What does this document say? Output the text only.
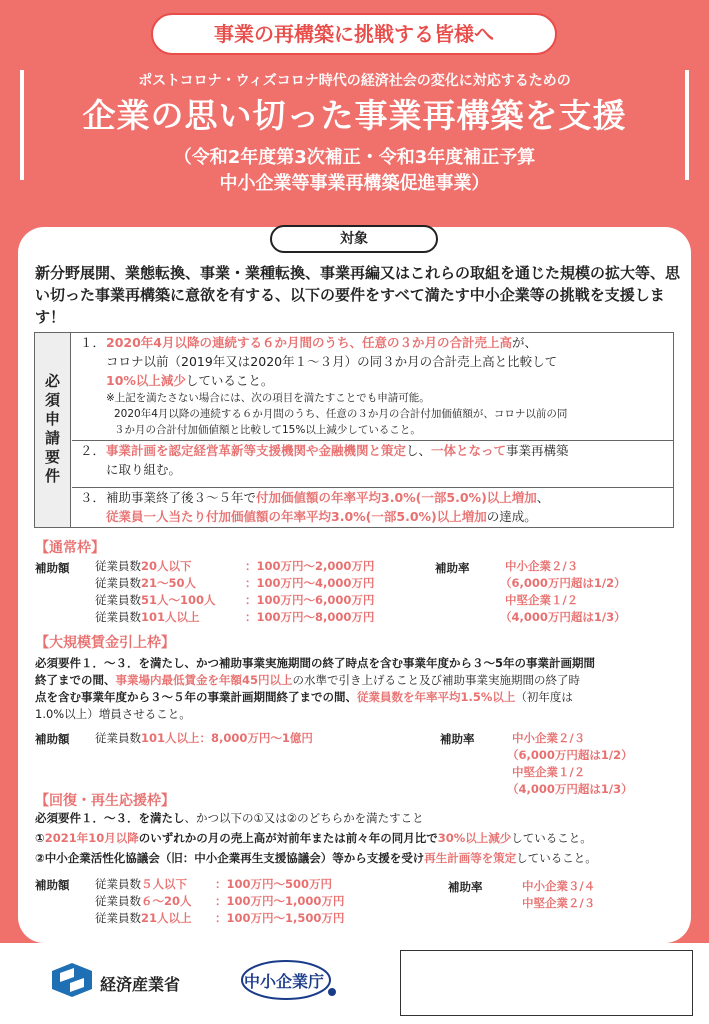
事業の再構築に挑戦する皆様へ
ポストコロナ・ウィズコロナ時代の経済社会の変化に対応するための
企業の思い切った事業再構築を支援
（令和2年度第3次補正・令和3年度補正予算
中小企業等事業再構築促進事業）
対象
新分野展開、業態転換、事業・業種転換、事業再編又はこれらの取組を通じた規模の拡大等、思い切った事業再構築に意欲を有する、以下の要件をすべて満たす中小企業等の挑戦を支援します！
必須申請要件
１． 2020年4月以降の連続する６か月間のうち、任意の３か月の合計売上高が、
コロナ以前（2019年又は2020年１～３月）の同３か月の合計売上高と比較して
10%以上減少していること。
※上記を満たさない場合には、次の項目を満たすことでも申請可能。
2020年4月以降の連続する６か月間のうち、任意の３か月の合計付加価値額が、コロナ以前の同
３か月の合計付加価値額と比較して15%以上減少していること。
２． 事業計画を認定経営革新等支援機関や金融機関と策定し、一体となって事業再構築
に取り組む。
３． 補助事業終了後３～５年で付加価値額の年率平均3.0%(一部5.0%)以上増加、
従業員一人当たり付加価値額の年率平均3.0%(一部5.0%)以上増加の達成。
【通常枠】
補助額 従業員数20人以下	：100万円～2,000万円
従業員数21～50人	：100万円～4,000万円
従業員数51人～100人	：100万円～6,000万円
従業員数101人以上	：100万円～8,000万円
補助率	中小企業２/３
（6,000万円超は1/2）
中堅企業１/２
（4,000万円超は1/3）
【大規模賃金引上枠】
必須要件１．～３．を満たし、かつ補助事業実施期間の終了時点を含む事業年度から３～5年の事業計画期間
終了までの間、事業場内最低賃金を年額45円以上の水準で引き上げること及び補助事業実施期間の終了時
点を含む事業年度から３～５年の事業計画期間終了までの間、従業員数を年率平均1.5%以上（初年度は
1.0%以上）増員させること。
補助額 従業員数101人以上：8,000万円～1億円	補助率	中小企業２/３
（6,000万円超は1/2）
中堅企業１/２
（4,000万円超は1/3）
【回復・再生応援枠】
必須要件１．～３．を満たし、かつ以下の①又は②のどちらかを満たすこと
①2021年10月以降のいずれかの月の売上高が対前年または前々年の同月比で30%以上減少していること。
②中小企業活性化協議会（旧：中小企業再生支援協議会）等から支援を受け再生計画等を策定していること。
補助額 従業員数５人以下 ：100万円～500万円
従業員数６～20人 ：100万円～1,000万円
従業員数21人以上 ：100万円～1,500万円
補助率	中小企業３/４
中堅企業２/３
経済産業省	中小企業庁
